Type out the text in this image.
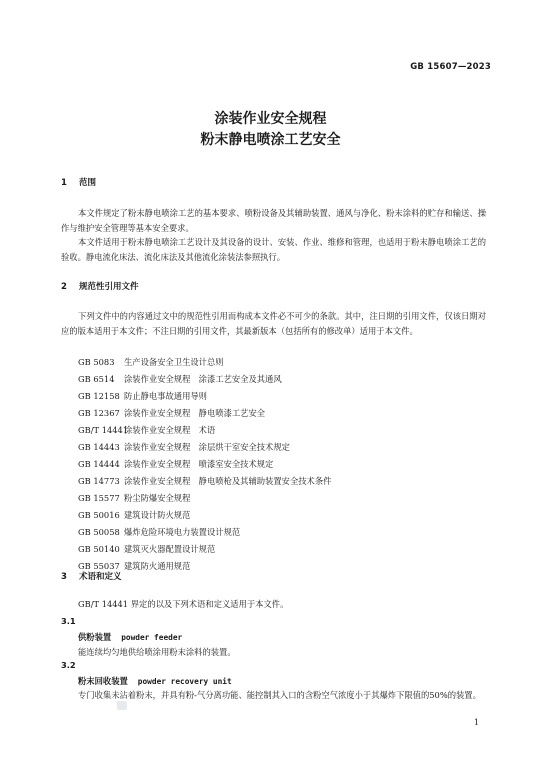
GB 15607—2023
涂装作业安全规程
粉末静电喷涂工艺安全
1 范围
本文件规定了粉末静电喷涂工艺的基本要求、喷粉设备及其辅助装置、通风与净化、粉末涂料的贮存和输送、操作与维护安全管理等基本安全要求。
本文件适用于粉末静电喷涂工艺设计及其设备的设计、安装、作业、维修和管理，也适用于粉末静电喷涂工艺的验收。静电流化床法、流化床法及其他流化涂装法参照执行。
2 规范性引用文件
下列文件中的内容通过文中的规范性引用而构成本文件必不可少的条款。其中，注日期的引用文件，仅该日期对应的版本适用于本文件；不注日期的引用文件，其最新版本（包括所有的修改单）适用于本文件。
GB 5083 生产设备安全卫生设计总则
GB 6514 涂装作业安全规程　涂漆工艺安全及其通风
GB 12158 防止静电事故通用导则
GB 12367 涂装作业安全规程　静电喷漆工艺安全
GB/T 14441涂装作业安全规程　术语
GB 14443 涂装作业安全规程　涂层烘干室安全技术规定
GB 14444 涂装作业安全规程　喷漆室安全技术规定
GB 14773 涂装作业安全规程　静电喷枪及其辅助装置安全技术条件
GB 15577 粉尘防爆安全规程
GB 50016 建筑设计防火规范
GB 50058 爆炸危险环境电力装置设计规范
GB 50140 建筑灭火器配置设计规范
GB 55037 建筑防火通用规范
3 术语和定义
GB/T 14441 界定的以及下列术语和定义适用于本文件。
3.1
供粉装置 powder feeder
能连续均匀地供给喷涂用粉末涂料的装置。
3.2
粉末回收装置 powder recovery unit
专门收集未沾着粉末，并具有粉-气分离功能、能控制其入口的含粉空气浓度小于其爆炸下限值的50%的装置。
1
